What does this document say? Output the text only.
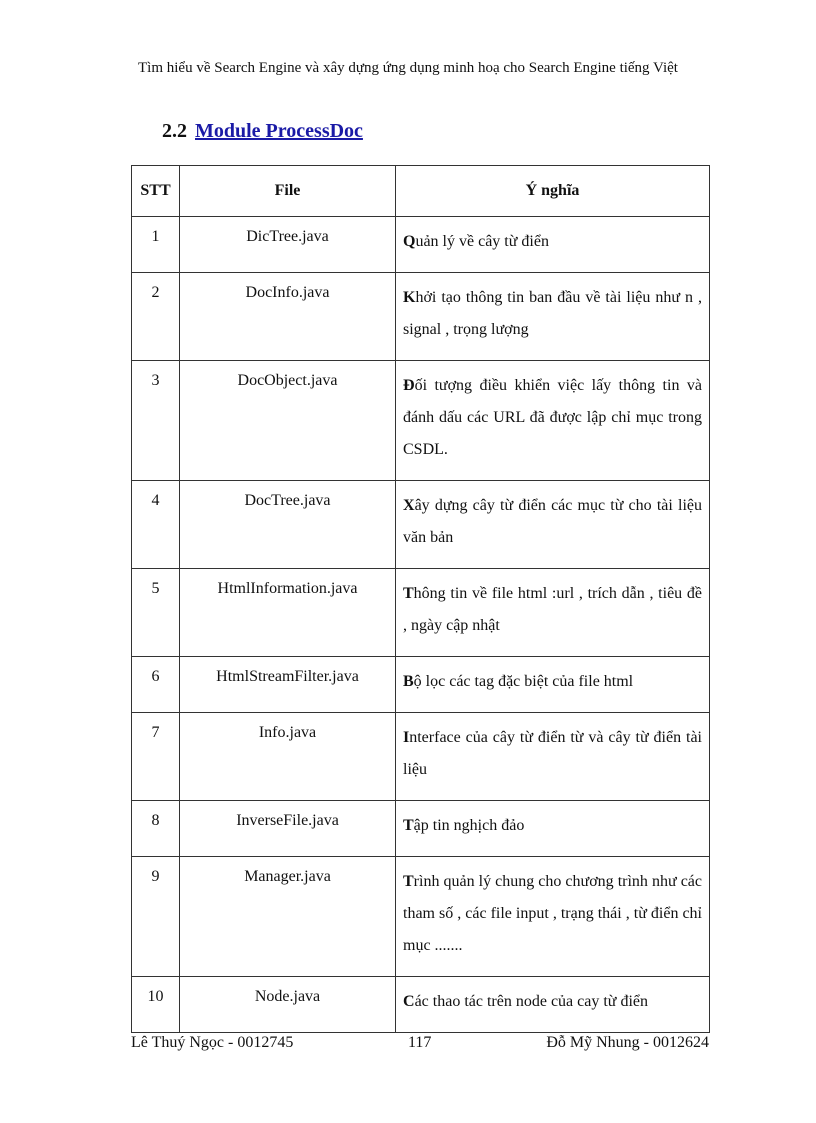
Tìm hiểu về Search Engine và xây dựng ứng dụng minh hoạ cho Search Engine tiếng Việt
2.2 Module ProcessDoc
STT	File	Ý nghĩa
1	DicTree.java	Quản lý về cây từ điển
2	DocInfo.java	Khởi tạo thông tin ban đầu về tài liệu như n , signal , trọng lượng
3	DocObject.java	Đối tượng điều khiển việc lấy thông tin và đánh dấu các URL đã được lập chỉ mục trong CSDL.
4	DocTree.java	Xây dựng cây từ điển các mục từ cho tài liệu văn bản
5	HtmlInformation.java	Thông tin về file html :url , trích dẫn , tiêu đề , ngày cập nhật
6	HtmlStreamFilter.java	Bộ lọc các tag đặc biệt của file html
7	Info.java	Interface của cây từ điển từ và cây từ điển tài liệu
8	InverseFile.java	Tập tin nghịch đảo
9	Manager.java	Trình quản lý chung cho chương trình như các tham số , các file input , trạng thái , từ điển chỉ mục .......
10	Node.java	Các thao tác trên node của cay từ điển
Lê Thuý Ngọc - 0012745	117	Đỗ Mỹ Nhung - 0012624
